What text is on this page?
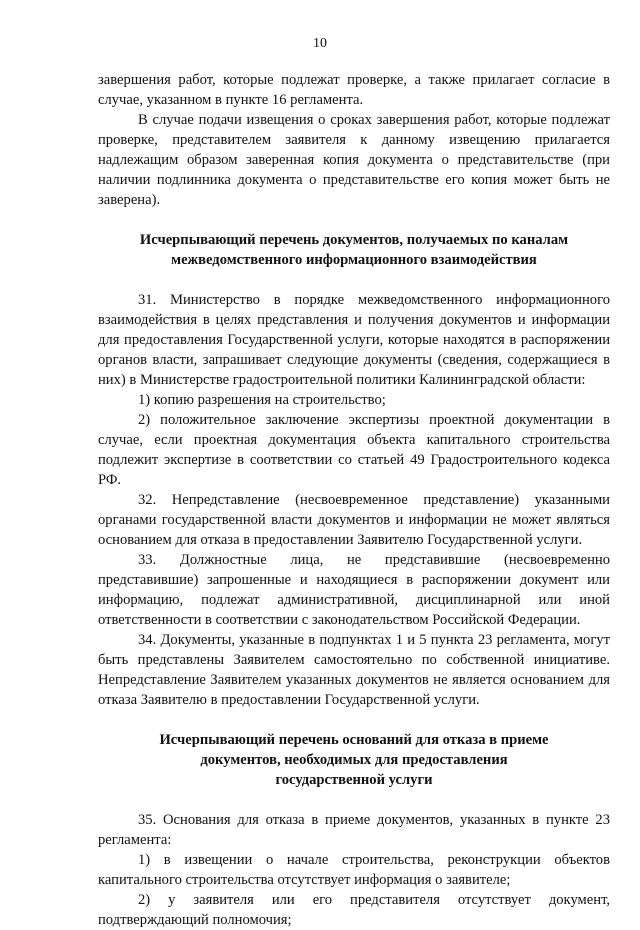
10

завершения работ, которые подлежат проверке, а также прилагает согласие в случае, указанном в пункте 16 регламента.

В случае подачи извещения о сроках завершения работ, которые подлежат проверке, представителем заявителя к данному извещению прилагается надлежащим образом заверенная копия документа о представительстве (при наличии подлинника документа о представительстве его копия может быть не заверена).

Исчерпывающий перечень документов, получаемых по каналам
межведомственного информационного взаимодействия

31. Министерство в порядке межведомственного информационного взаимодействия в целях представления и получения документов и информации для предоставления Государственной услуги, которые находятся в распоряжении органов власти, запрашивает следующие документы (сведения, содержащиеся в них) в Министерстве градостроительной политики Калининградской области:

1) копию разрешения на строительство;

2) положительное заключение экспертизы проектной документации в случае, если проектная документация объекта капитального строительства подлежит экспертизе в соответствии со статьей 49 Градостроительного кодекса РФ.

32. Непредставление (несвоевременное представление) указанными органами государственной власти документов и информации не может являться основанием для отказа в предоставлении Заявителю Государственной услуги.

33. Должностные лица, не представившие (несвоевременно представившие) запрошенные и находящиеся в распоряжении документ или информацию, подлежат административной, дисциплинарной или иной ответственности в соответствии с законодательством Российской Федерации.

34. Документы, указанные в подпунктах 1 и 5 пункта 23 регламента, могут быть представлены Заявителем самостоятельно по собственной инициативе. Непредставление Заявителем указанных документов не является основанием для отказа Заявителю в предоставлении Государственной услуги.

Исчерпывающий перечень оснований для отказа в приеме
документов, необходимых для предоставления
государственной услуги

35. Основания для отказа в приеме документов, указанных в пункте 23 регламента:

1) в извещении о начале строительства, реконструкции объектов капитального строительства отсутствует информация о заявителе;

2) у заявителя или его представителя отсутствует документ, подтверждающий полномочия;
